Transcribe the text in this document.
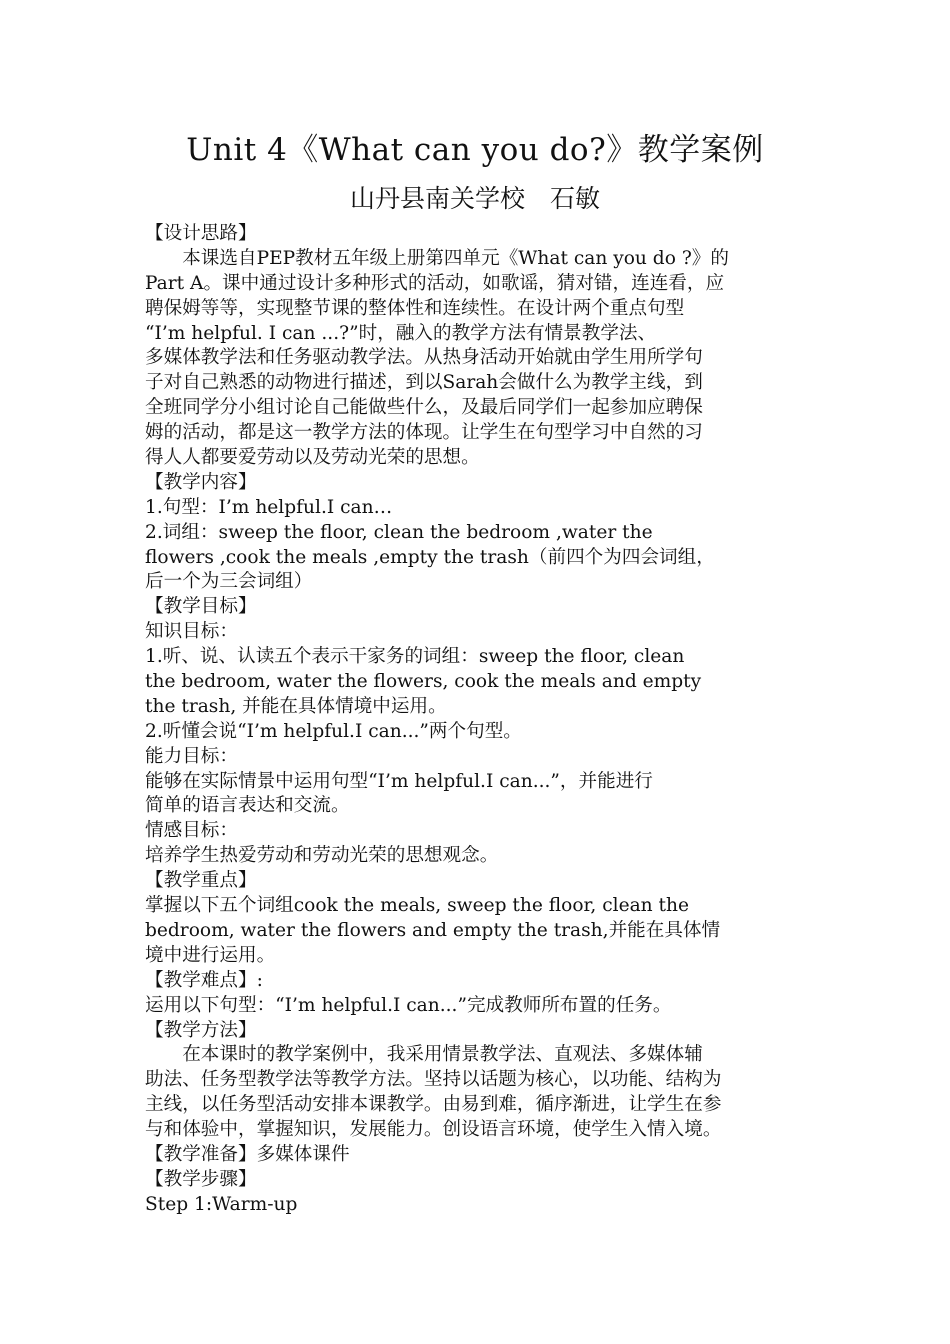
Unit 4《What can you do?》教学案例
山丹县南关学校　石敏
【设计思路】
　　本课选自PEP教材五年级上册第四单元《What can you do ?》的
Part A。课中通过设计多种形式的活动，如歌谣，猜对错，连连看，应
聘保姆等等，实现整节课的整体性和连续性。在设计两个重点句型
“I’m helpful. I can ...?”时，融入的教学方法有情景教学法、
多媒体教学法和任务驱动教学法。从热身活动开始就由学生用所学句
子对自己熟悉的动物进行描述，到以Sarah会做什么为教学主线，到
全班同学分小组讨论自己能做些什么，及最后同学们一起参加应聘保
姆的活动，都是这一教学方法的体现。让学生在句型学习中自然的习
得人人都要爱劳动以及劳动光荣的思想。
【教学内容】
1.句型：I’m helpful.I can…
2.词组：sweep the floor, clean the bedroom ,water the
flowers ,cook the meals ,empty the trash（前四个为四会词组，
后一个为三会词组）
【教学目标】
知识目标：
1.听、说、认读五个表示干家务的词组：sweep the floor, clean
the bedroom, water the flowers, cook the meals and empty
the trash, 并能在具体情境中运用。
2.听懂会说“I’m helpful.I can...”两个句型。
能力目标：
能够在实际情景中运用句型“I’m helpful.I can...”，并能进行
简单的语言表达和交流。
情感目标：
培养学生热爱劳动和劳动光荣的思想观念。
【教学重点】
掌握以下五个词组cook the meals, sweep the floor, clean the
bedroom, water the flowers and empty the trash,并能在具体情
境中进行运用。
【教学难点】:
运用以下句型：“I’m helpful.I can...”完成教师所布置的任务。
【教学方法】
　　在本课时的教学案例中，我采用情景教学法、直观法、多媒体辅
助法、任务型教学法等教学方法。坚持以话题为核心，以功能、结构为
主线，以任务型活动安排本课教学。由易到难，循序渐进，让学生在参
与和体验中，掌握知识，发展能力。创设语言环境，使学生入情入境。
【教学准备】多媒体课件
【教学步骤】
Step 1:Warm-up
